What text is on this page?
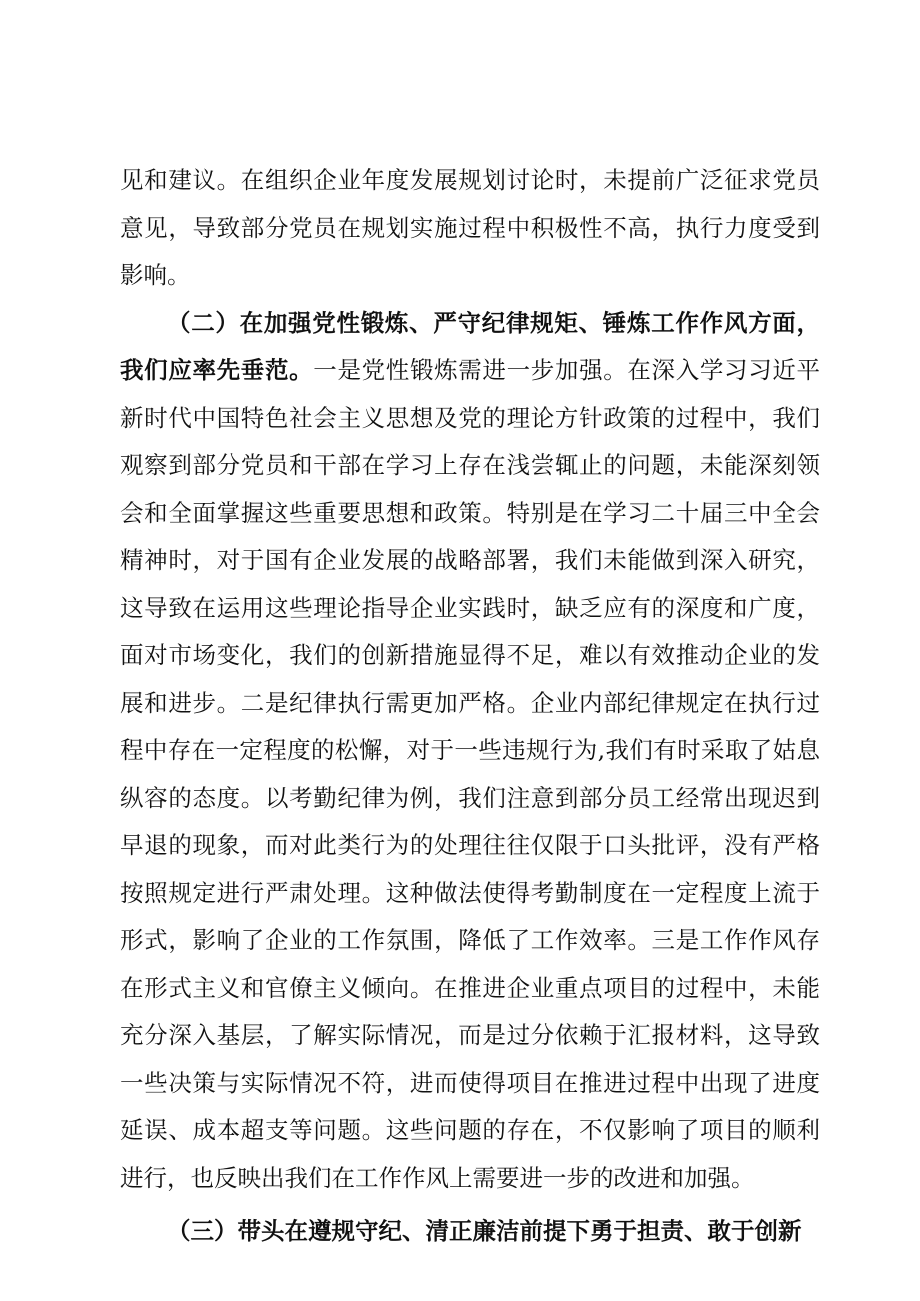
见和建议。在组织企业年度发展规划讨论时，未提前广泛征求党员意见，导致部分党员在规划实施过程中积极性不高，执行力度受到影响。

（二）在加强党性锻炼、严守纪律规矩、锤炼工作作风方面，我们应率先垂范。一是党性锻炼需进一步加强。在深入学习习近平新时代中国特色社会主义思想及党的理论方针政策的过程中，我们观察到部分党员和干部在学习上存在浅尝辄止的问题，未能深刻领会和全面掌握这些重要思想和政策。特别是在学习二十届三中全会精神时，对于国有企业发展的战略部署，我们未能做到深入研究，这导致在运用这些理论指导企业实践时，缺乏应有的深度和广度，面对市场变化，我们的创新措施显得不足，难以有效推动企业的发展和进步。二是纪律执行需更加严格。企业内部纪律规定在执行过程中存在一定程度的松懈，对于一些违规行为,我们有时采取了姑息纵容的态度。以考勤纪律为例，我们注意到部分员工经常出现迟到早退的现象，而对此类行为的处理往往仅限于口头批评，没有严格按照规定进行严肃处理。这种做法使得考勤制度在一定程度上流于形式，影响了企业的工作氛围，降低了工作效率。三是工作作风存在形式主义和官僚主义倾向。在推进企业重点项目的过程中，未能充分深入基层，了解实际情况，而是过分依赖于汇报材料，这导致一些决策与实际情况不符，进而使得项目在推进过程中出现了进度延误、成本超支等问题。这些问题的存在，不仅影响了项目的顺利进行，也反映出我们在工作作风上需要进一步的改进和加强。

（三）带头在遵规守纪、清正廉洁前提下勇于担责、敢于创新
